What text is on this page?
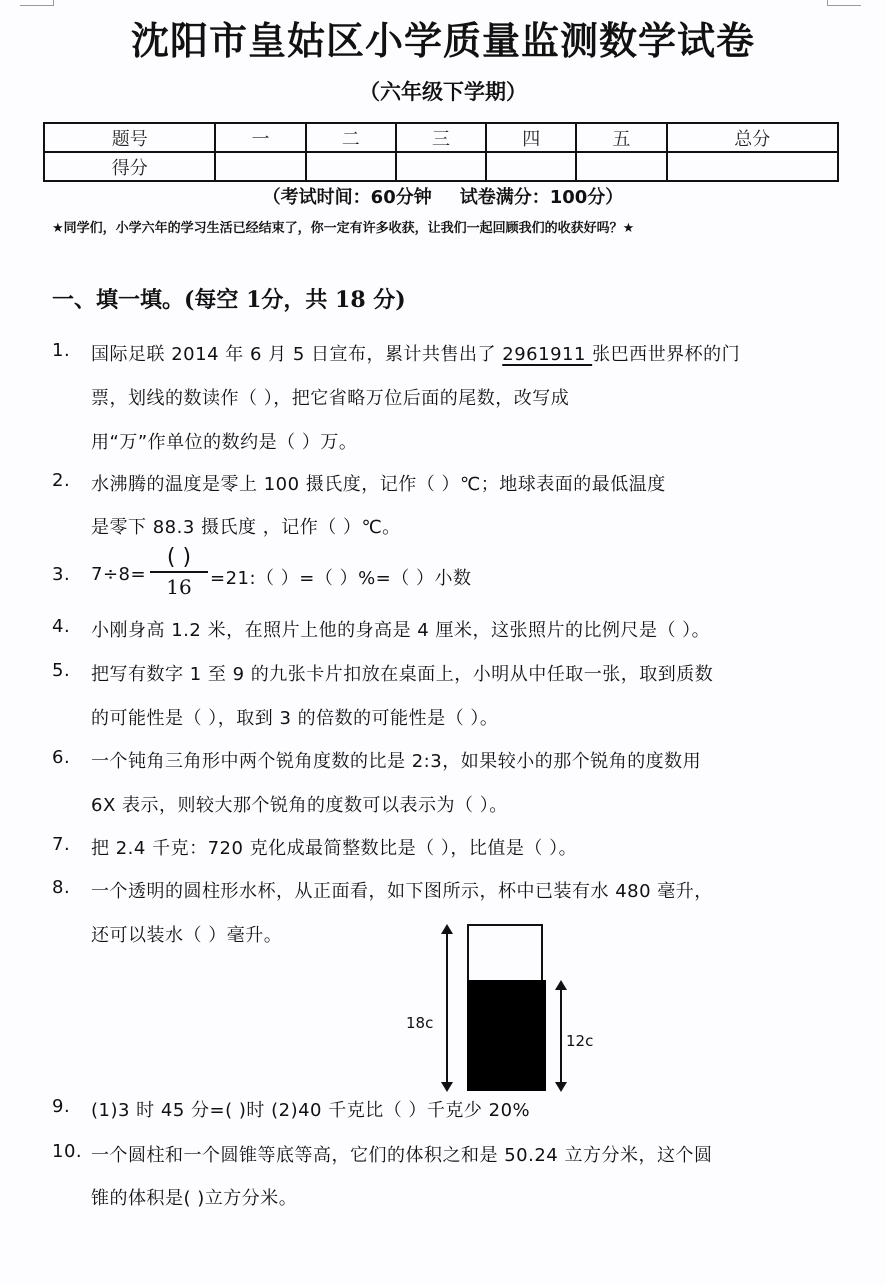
沈阳市皇姑区小学质量监测数学试卷
（六年级下学期）
题号	一	二	三	四	五	总分
得分						
（考试时间：60分钟 试卷满分：100分）
★同学们，小学六年的学习生活已经结束了，你一定有许多收获，让我们一起回顾我们的收获好吗？★
一、填一填。(每空 1分，共 18 分)
1. 国际足联 2014 年 6 月 5 日宣布，累计共售出了 2961911 张巴西世界杯的门
票，划线的数读作（ ），把它省略万位后面的尾数，改写成
用“万”作单位的数约是（ ）万。
2. 水沸腾的温度是零上 100 摄氏度，记作（ ）℃；地球表面的最低温度
是零下 88.3 摄氏度 ，记作（ ）℃。
3. 7÷8=
( )
16	=21:（ ）=（ ）%=（ ）小数
4. 小刚身高 1.2 米，在照片上他的身高是 4 厘米，这张照片的比例尺是（ ）。
5. 把写有数字 1 至 9 的九张卡片扣放在桌面上，小明从中任取一张，取到质数
的可能性是（ ），取到 3 的倍数的可能性是（ ）。
6. 一个钝角三角形中两个锐角度数的比是 2:3，如果较小的那个锐角的度数用
6X 表示，则较大那个锐角的度数可以表示为（ ）。
7. 把 2.4 千克：720 克化成最简整数比是（ ），比值是（ ）。
8. 一个透明的圆柱形水杯，从正面看，如下图所示，杯中已装有水 480 毫升，
还可以装水（ ）毫升。
18c
12c
9. (1)3 时 45 分=( )时 (2)40 千克比（ ）千克少 20%
10. 一个圆柱和一个圆锥等底等高，它们的体积之和是 50.24 立方分米，这个圆
锥的体积是( )立方分米。
